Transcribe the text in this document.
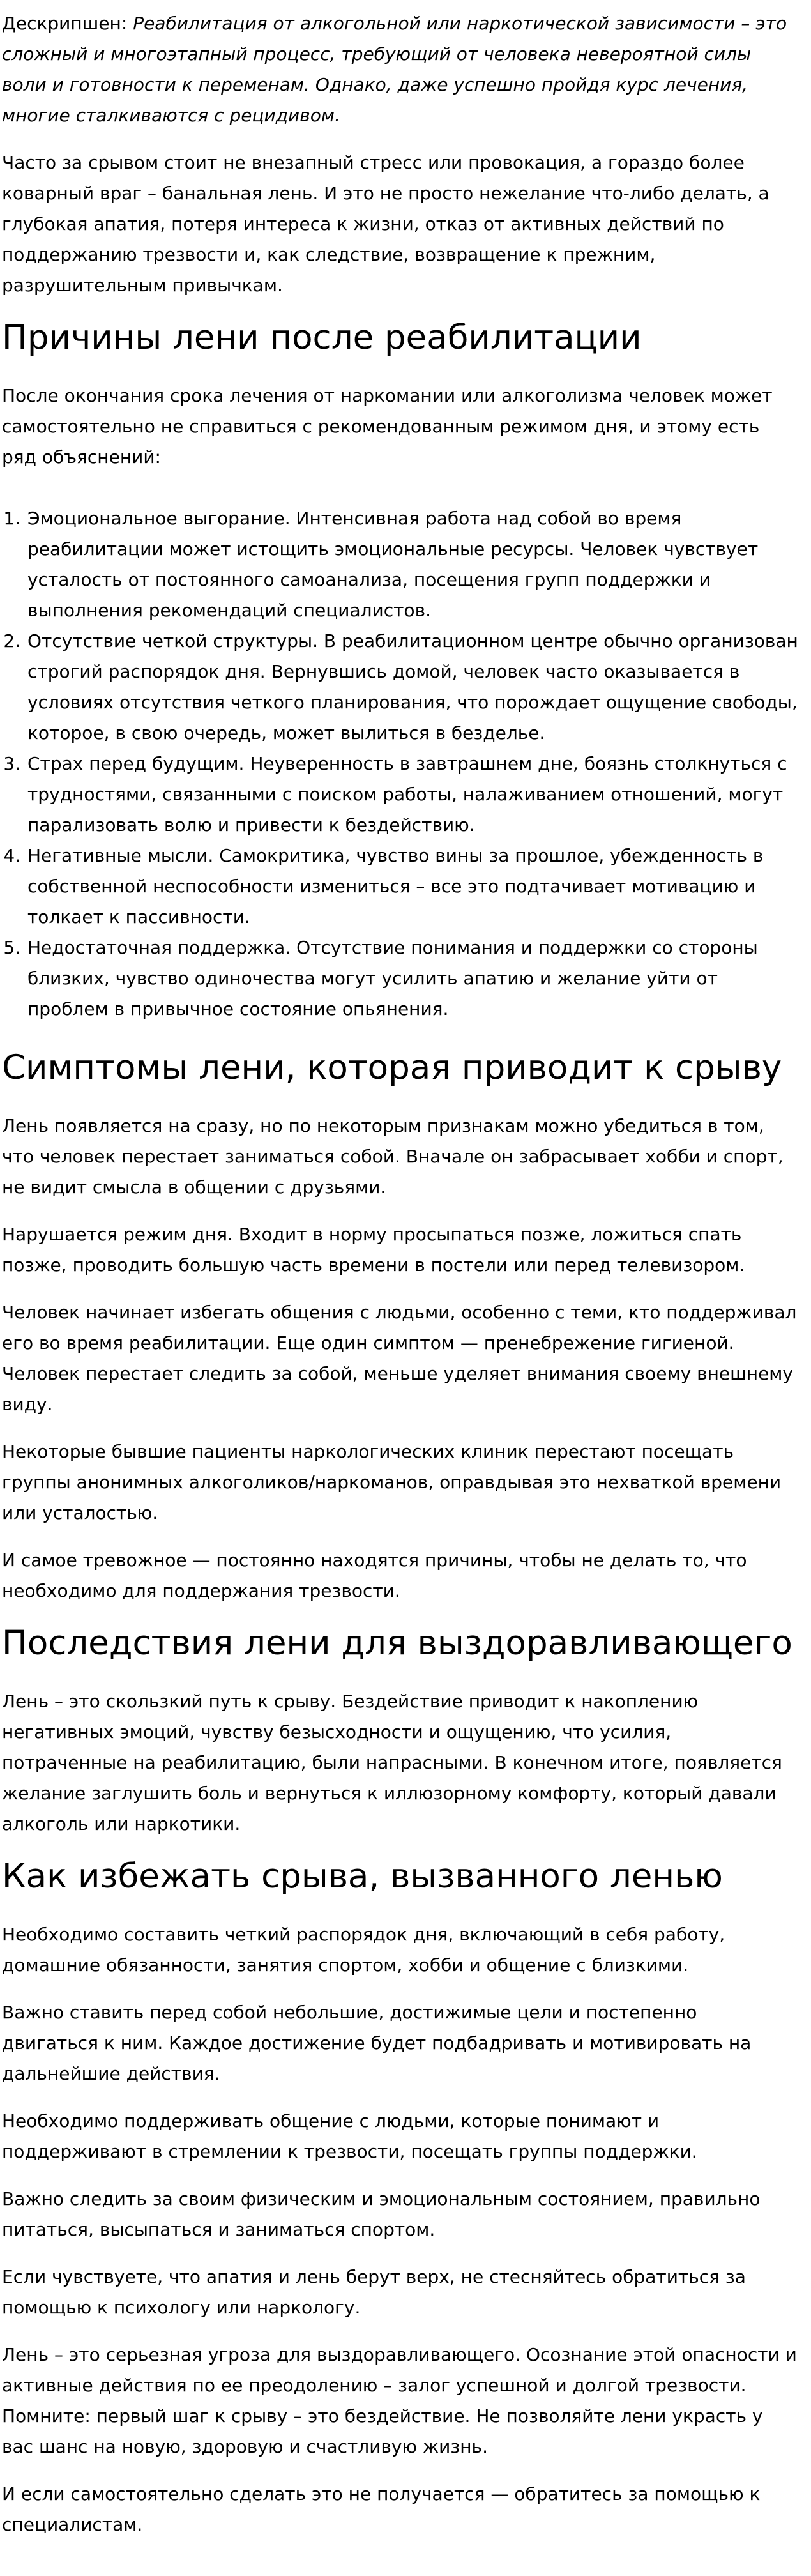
Дескрипшен: Реабилитация от алкогольной или наркотической зависимости – это сложный и многоэтапный процесс, требующий от человека невероятной силы воли и готовности к переменам. Однако, даже успешно пройдя курс лечения, многие сталкиваются с рецидивом.

Часто за срывом стоит не внезапный стресс или провокация, а гораздо более коварный враг – банальная лень. И это не просто нежелание что-либо делать, а глубокая апатия, потеря интереса к жизни, отказ от активных действий по поддержанию трезвости и, как следствие, возвращение к прежним, разрушительным привычкам.

Причины лени после реабилитации

После окончания срока лечения от наркомании или алкоголизма человек может самостоятельно не справиться с рекомендованным режимом дня, и этому есть ряд объяснений:

1. Эмоциональное выгорание. Интенсивная работа над собой во время реабилитации может истощить эмоциональные ресурсы. Человек чувствует усталость от постоянного самоанализа, посещения групп поддержки и выполнения рекомендаций специалистов.
2. Отсутствие четкой структуры. В реабилитационном центре обычно организован строгий распорядок дня. Вернувшись домой, человек часто оказывается в условиях отсутствия четкого планирования, что порождает ощущение свободы, которое, в свою очередь, может вылиться в безделье.
3. Страх перед будущим. Неуверенность в завтрашнем дне, боязнь столкнуться с трудностями, связанными с поиском работы, налаживанием отношений, могут парализовать волю и привести к бездействию.
4. Негативные мысли. Самокритика, чувство вины за прошлое, убежденность в собственной неспособности измениться – все это подтачивает мотивацию и толкает к пассивности.
5. Недостаточная поддержка. Отсутствие понимания и поддержки со стороны близких, чувство одиночества могут усилить апатию и желание уйти от проблем в привычное состояние опьянения.
Симптомы лени, которая приводит к срыву

Лень появляется на сразу, но по некоторым признакам можно убедиться в том, что человек перестает заниматься собой. Вначале он забрасывает хобби и спорт, не видит смысла в общении с друзьями.

Нарушается режим дня. Входит в норму просыпаться позже, ложиться спать позже, проводить большую часть времени в постели или перед телевизором.

Человек начинает избегать общения с людьми, особенно с теми, кто поддерживал его во время реабилитации. Еще один симптом — пренебрежение гигиеной. Человек перестает следить за собой, меньше уделяет внимания своему внешнему виду.

Некоторые бывшие пациенты наркологических клиник перестают посещать группы анонимных алкоголиков/наркоманов, оправдывая это нехваткой времени или усталостью.

И самое тревожное — постоянно находятся причины, чтобы не делать то, что необходимо для поддержания трезвости.

Последствия лени для выздоравливающего

Лень – это скользкий путь к срыву. Бездействие приводит к накоплению негативных эмоций, чувству безысходности и ощущению, что усилия, потраченные на реабилитацию, были напрасными. В конечном итоге, появляется желание заглушить боль и вернуться к иллюзорному комфорту, который давали алкоголь или наркотики.

Как избежать срыва, вызванного ленью

Необходимо составить четкий распорядок дня, включающий в себя работу, домашние обязанности, занятия спортом, хобби и общение с близкими.

Важно ставить перед собой небольшие, достижимые цели и постепенно двигаться к ним. Каждое достижение будет подбадривать и мотивировать на дальнейшие действия.

Необходимо поддерживать общение с людьми, которые понимают и поддерживают в стремлении к трезвости, посещать группы поддержки.

Важно следить за своим физическим и эмоциональным состоянием, правильно питаться, высыпаться и заниматься спортом.

Если чувствуете, что апатия и лень берут верх, не стесняйтесь обратиться за помощью к психологу или наркологу.

Лень – это серьезная угроза для выздоравливающего. Осознание этой опасности и активные действия по ее преодолению – залог успешной и долгой трезвости. Помните: первый шаг к срыву – это бездействие. Не позволяйте лени украсть у вас шанс на новую, здоровую и счастливую жизнь.

И если самостоятельно сделать это не получается — обратитесь за помощью к специалистам.
